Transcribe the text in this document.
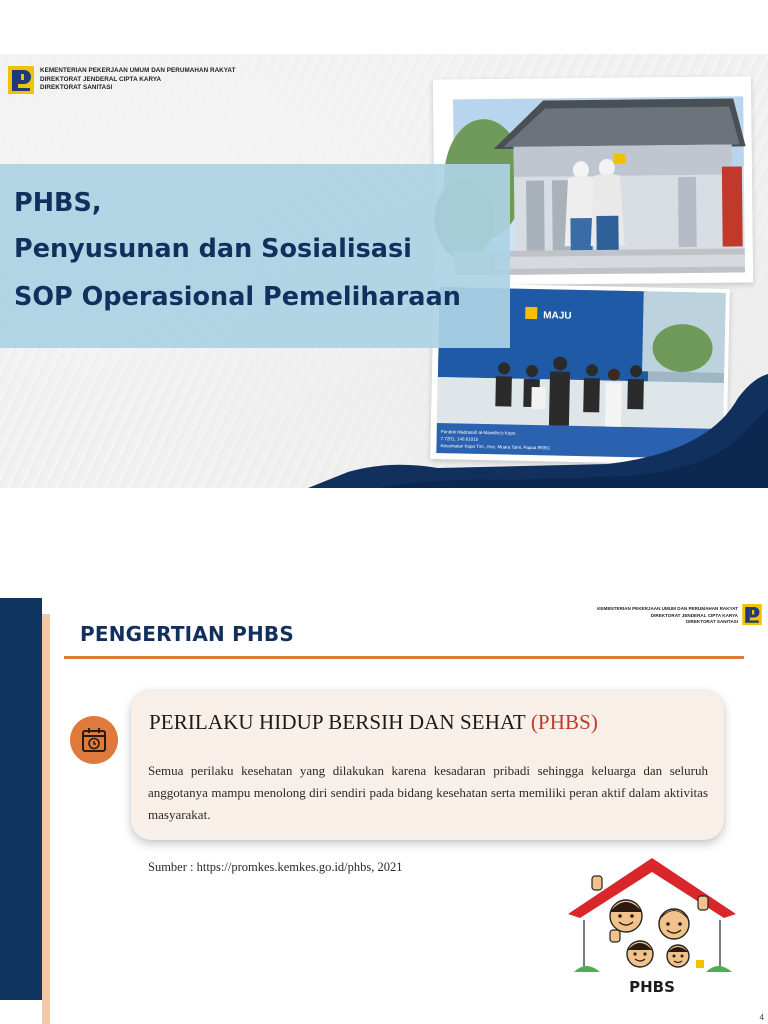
KEMENTERIAN PEKERJAAN UMUM DAN PERUMAHAN RAKYAT
DIREKTORAT JENDERAL CIPTA KARYA
DIREKTORAT SANITASI
MAJU
Pondok Madrasah al-Mawdhu'y Kopo
7.7201, 140.61015
Kecamatan Kopo Tim., Kec. Muara Tami, Papua 99351
PHBS,
Penyusunan dan Sosialisasi
SOP Operasional Pemeliharaan
KEMENTERIAN PEKERJAAN UMUM DAN PERUMAHAN RAKYAT
DIREKTORAT JENDERAL CIPTA KARYA
DIREKTORAT SANITASI
PENGERTIAN PHBS
PERILAKU HIDUP BERSIH DAN SEHAT (PHBS)
Semua perilaku kesehatan yang dilakukan karena kesadaran pribadi sehingga keluarga dan seluruh anggotanya mampu menolong diri sendiri pada bidang kesehatan serta memiliki peran aktif dalam aktivitas masyarakat.
Sumber : https://promkes.kemkes.go.id/phbs, 2021
PHBS
4
